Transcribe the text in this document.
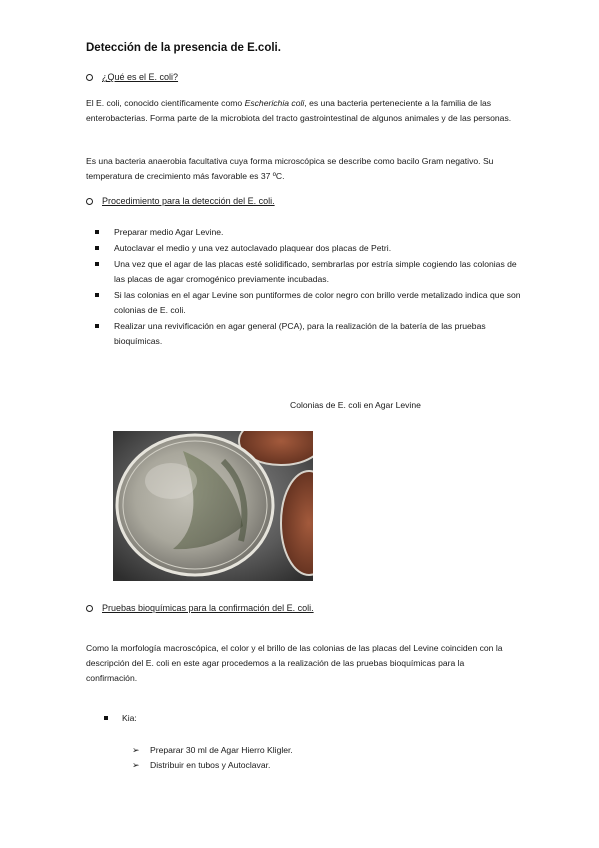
Detección de la presencia de E.coli.
¿Qué es el E. coli?

El E. coli, conocido científicamente como Escherichia coli, es una bacteria perteneciente a la familia de las enterobacterias. Forma parte de la microbiota del tracto gastrointestinal de algunos animales y de las personas.

Es una bacteria anaerobia facultativa cuya forma microscópica se describe como bacilo Gram negativo. Su temperatura de crecimiento más favorable es 37 ºC.

Procedimiento para la detección del E. coli.
Preparar medio Agar Levine.
Autoclavar el medio y una vez autoclavado plaquear dos placas de Petri.
Una vez que el agar de las placas esté solidificado, sembrarlas por estría simple cogiendo las colonias de las placas de agar cromogénico previamente incubadas.
Si las colonias en el agar Levine son puntiformes de color negro con brillo verde metalizado indica que son colonias de E. coli.
Realizar una revivificación en agar general (PCA), para la realización de la batería de las pruebas bioquímicas.
Colonias de E. coli en Agar Levine
Pruebas bioquímicas para la confirmación del E. coli.

Como la morfología macroscópica, el color y el brillo de las colonias de las placas del Levine coinciden con la descripción del E. coli en este agar procedemos a la realización de las pruebas bioquímicas para la confirmación.

Kia:
➢	Preparar 30 ml de Agar Hierro Kligler.
➢	Distribuir en tubos y Autoclavar.
